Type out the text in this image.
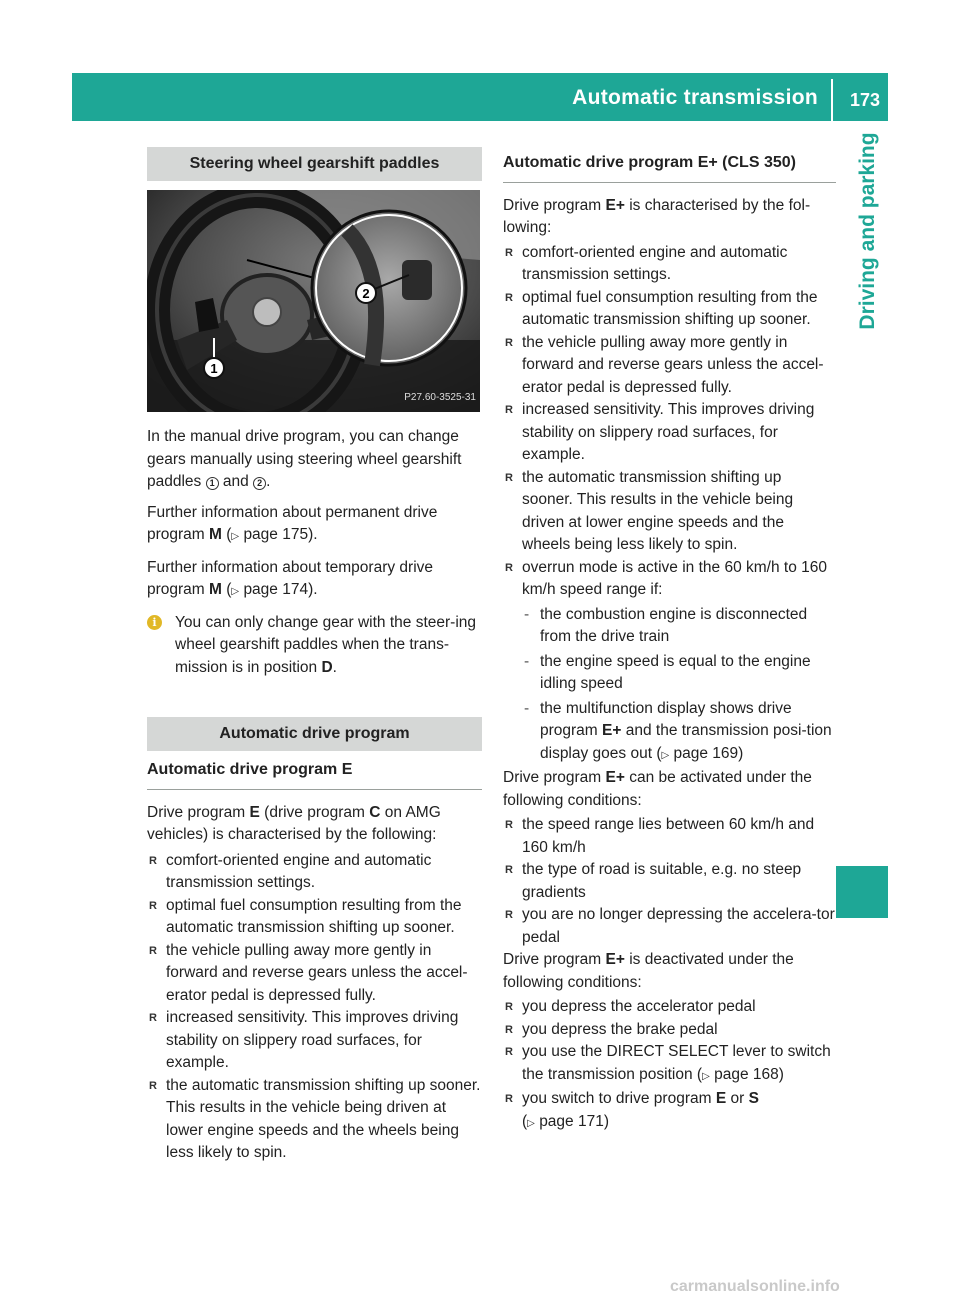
Automatic transmission 173
Driving and parking
Steering wheel gearshift paddles
2
1
P27.60-3525-31

In the manual drive program, you can change gears manually using steering wheel gearshift paddles 1 and 2 .

Further information about permanent drive program M (▷ page 175).

Further information about temporary drive program M (▷ page 174).

i	You can only change gear with the steer-ing wheel gearshift paddles when the trans-mission is in position D.
Automatic drive program
Automatic drive program E

Drive program E (drive program C on AMG vehicles) is characterised by the following:

R comfort-oriented engine and automatic transmission settings.
R optimal fuel consumption resulting from the automatic transmission shifting up sooner.
R the vehicle pulling away more gently in forward and reverse gears unless the accel-erator pedal is depressed fully.
R increased sensitivity. This improves driving stability on slippery road surfaces, for example.
R the automatic transmission shifting up sooner. This results in the vehicle being driven at lower engine speeds and the wheels being less likely to spin.
Automatic drive program E+ (CLS 350)

Drive program E+ is characterised by the fol-lowing:

R comfort-oriented engine and automatic transmission settings.
R optimal fuel consumption resulting from the automatic transmission shifting up sooner.
R the vehicle pulling away more gently in forward and reverse gears unless the accel-erator pedal is depressed fully.
R increased sensitivity. This improves driving stability on slippery road surfaces, for example.
R the automatic transmission shifting up sooner. This results in the vehicle being driven at lower engine speeds and the wheels being less likely to spin.
R overrun mode is active in the 60 km/h to 160 km/h speed range if:
- the combustion engine is disconnected from the drive train
- the engine speed is equal to the engine idling speed
- the multifunction display shows drive program E+ and the transmission posi-tion display goes out (▷ page 169)

Drive program E+ can be activated under the following conditions:

R the speed range lies between 60 km/h and 160 km/h
R the type of road is suitable, e.g. no steep gradients
R you are no longer depressing the accelera-tor pedal

Drive program E+ is deactivated under the following conditions:

R you depress the accelerator pedal
R you depress the brake pedal
R you use the DIRECT SELECT lever to switch the transmission position (▷ page 168)
R you switch to drive program E or S
(▷ page 171)
carmanualsonline.info
